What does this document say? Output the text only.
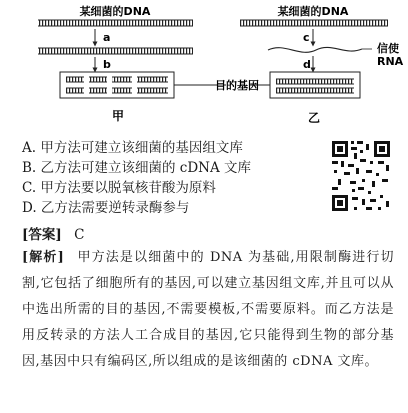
某细菌的DNA
a
b
目的基因
甲
某细菌的DNA
c
信使
RNA
d
乙
A. 甲方法可建立该细菌的基因组文库
B. 乙方法可建立该细菌的 cDNA 文库
C. 甲方法要以脱氧核苷酸为原料
D. 乙方法需要逆转录酶参与
[答案] C
[解析] 甲方法是以细菌中的 DNA 为基础,用限制酶进行切割,它包括了细胞所有的基因,可以建立基因组文库,并且可以从中选出所需的目的基因,不需要模板,不需要原料。而乙方法是用反转录的方法人工合成目的基因,它只能得到生物的部分基因,基因中只有编码区,所以组成的是该细菌的 cDNA 文库。
